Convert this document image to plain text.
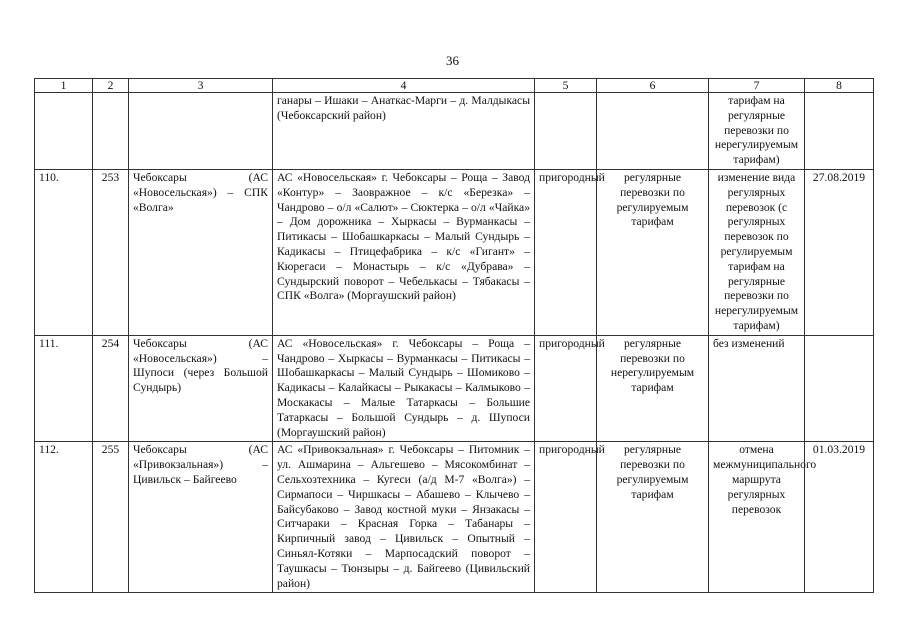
36
1	2	3	4	5	6	7	8
			ганары – Ишаки – Анаткас-Марги – д. Малдыкасы (Чебоксарский район)			тарифам на регулярные перевозки по нерегулируемым тарифам)	
110.	253	Чебоксары (АС «Новосельская») – СПК «Волга»	АС «Новосельская» г. Чебоксары – Роща – Завод «Контур» – Заовражное – к/с «Березка» – Чандрово – о/л «Салют» – Сюктерка – о/л «Чайка» – Дом дорожника – Хыркасы – Вурманкасы – Питикасы – Шобашкаркасы – Малый Сундырь – Кадикасы – Птицефабрика – к/с «Гигант» – Кюрегаси – Монастырь – к/с «Дубрава» – Сундырский поворот – Чебелькасы – Тябакасы – СПК «Волга» (Моргаушский район)	пригородный	регулярные перевозки по регулируемым тарифам	изменение вида регулярных перевозок (с регулярных перевозок по регулируемым тарифам на регулярные перевозки по нерегулируемым тарифам)	27.08.2019
111.	254	Чебоксары (АС «Новосельская») – Шупоси (через Большой Сундырь)	АС «Новосельская» г. Чебоксары – Роща – Чандрово – Хыркасы – Вурманкасы – Питикасы – Шобашкаркасы – Малый Сундырь – Шомиково – Кадикасы – Калайкасы – Рыкакасы – Калмыково – Москакасы – Малые Татаркасы – Большие Татаркасы – Большой Сундырь – д. Шупоси (Моргаушский район)	пригородный	регулярные перевозки по нерегулируемым тарифам	без изменений	
112.	255	Чебоксары (АС «Привокзальная») – Цивильск – Байгеево	АС «Привокзальная» г. Чебоксары – Питомник – ул. Ашмарина – Альгешево – Мясокомбинат – Сельхозтехника – Кугеси (а/д М-7 «Волга») – Сирмапоси – Чиршкасы – Абашево – Клычево – Байсубаково – Завод костной муки – Янзакасы – Ситчараки – Красная Горка – Табанары – Кирпичный завод – Цивильск – Опытный – Синьял-Котяки – Марпосадский поворот – Таушкасы – Тюнзыры – д. Байгеево (Цивильский район)	пригородный	регулярные перевозки по регулируемым тарифам	отмена межмуниципального маршрута регулярных перевозок	01.03.2019
